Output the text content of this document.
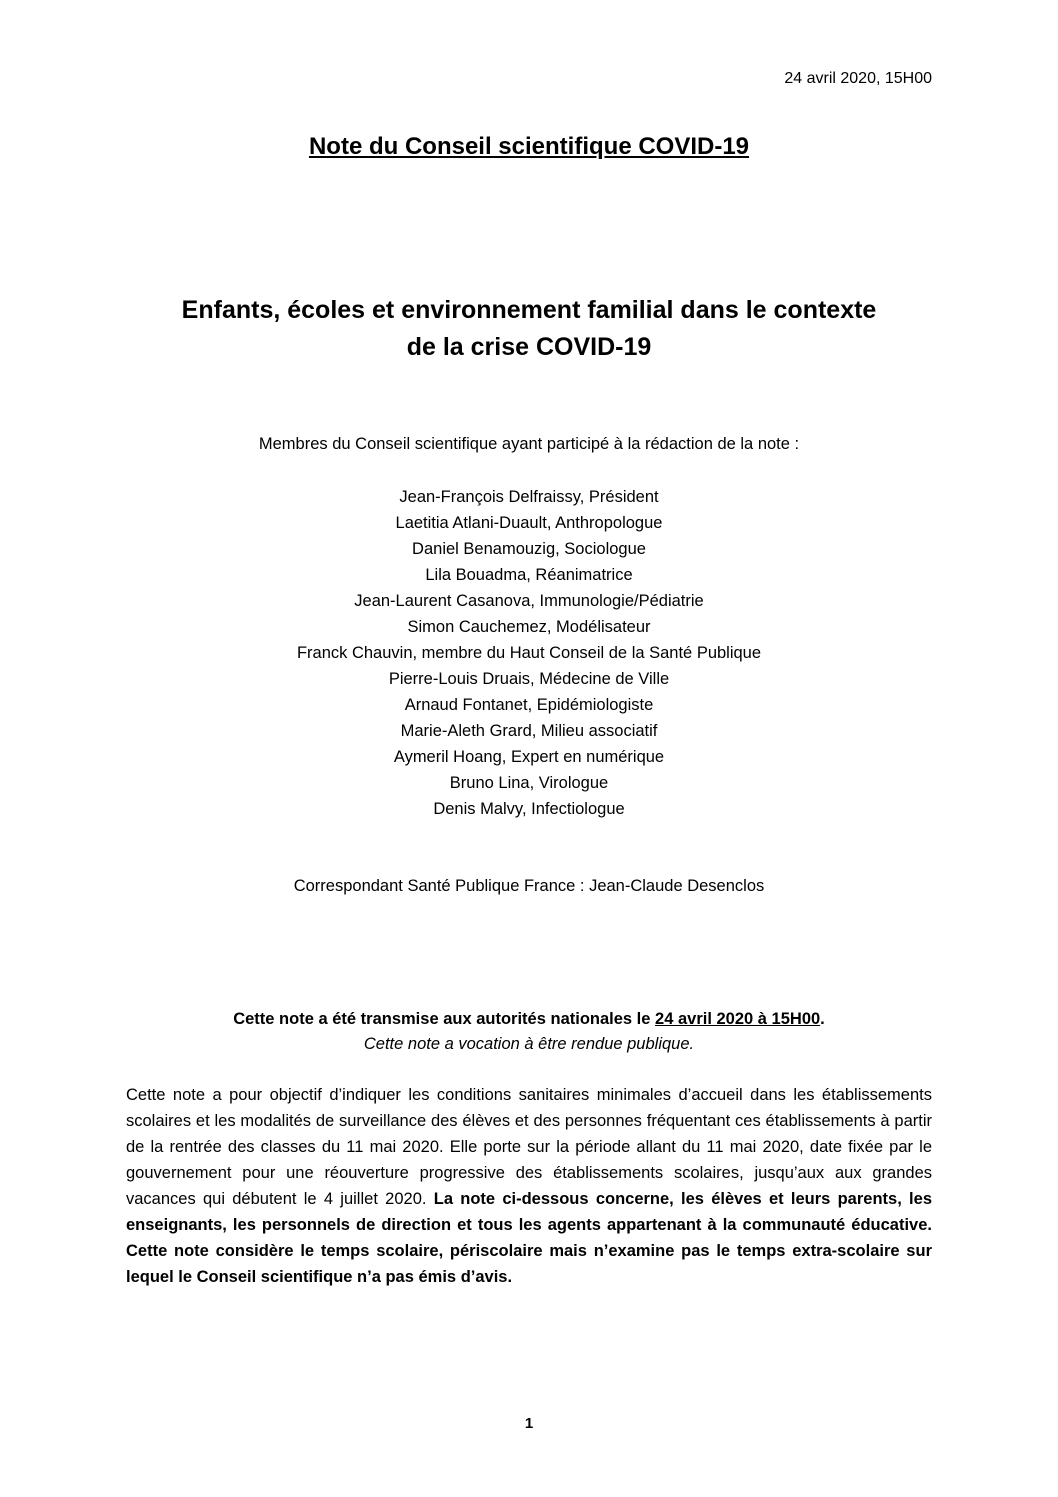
24 avril 2020, 15H00
Note du Conseil scientifique COVID-19
Enfants, écoles et environnement familial dans le contexte
de la crise COVID-19
Membres du Conseil scientifique ayant participé à la rédaction de la note :
Jean-François Delfraissy, Président
Laetitia Atlani-Duault, Anthropologue
Daniel Benamouzig, Sociologue
Lila Bouadma, Réanimatrice
Jean-Laurent Casanova, Immunologie/Pédiatrie
Simon Cauchemez, Modélisateur
Franck Chauvin, membre du Haut Conseil de la Santé Publique
Pierre-Louis Druais, Médecine de Ville
Arnaud Fontanet, Epidémiologiste
Marie-Aleth Grard, Milieu associatif
Aymeril Hoang, Expert en numérique
Bruno Lina, Virologue
Denis Malvy, Infectiologue
Correspondant Santé Publique France : Jean-Claude Desenclos
Cette note a été transmise aux autorités nationales le 24 avril 2020 à 15H00.
Cette note a vocation à être rendue publique.

Cette note a pour objectif d’indiquer les conditions sanitaires minimales d’accueil dans les établissements scolaires et les modalités de surveillance des élèves et des personnes fréquentant ces établissements à partir de la rentrée des classes du 11 mai 2020. Elle porte sur la période allant du 11 mai 2020, date fixée par le gouvernement pour une réouverture progressive des établissements scolaires, jusqu’aux aux grandes vacances qui débutent le 4 juillet 2020. La note ci-dessous concerne, les élèves et leurs parents, les enseignants, les personnels de direction et tous les agents appartenant à la communauté éducative. Cette note considère le temps scolaire, périscolaire mais n’examine pas le temps extra-scolaire sur lequel le Conseil scientifique n’a pas émis d’avis.

1
